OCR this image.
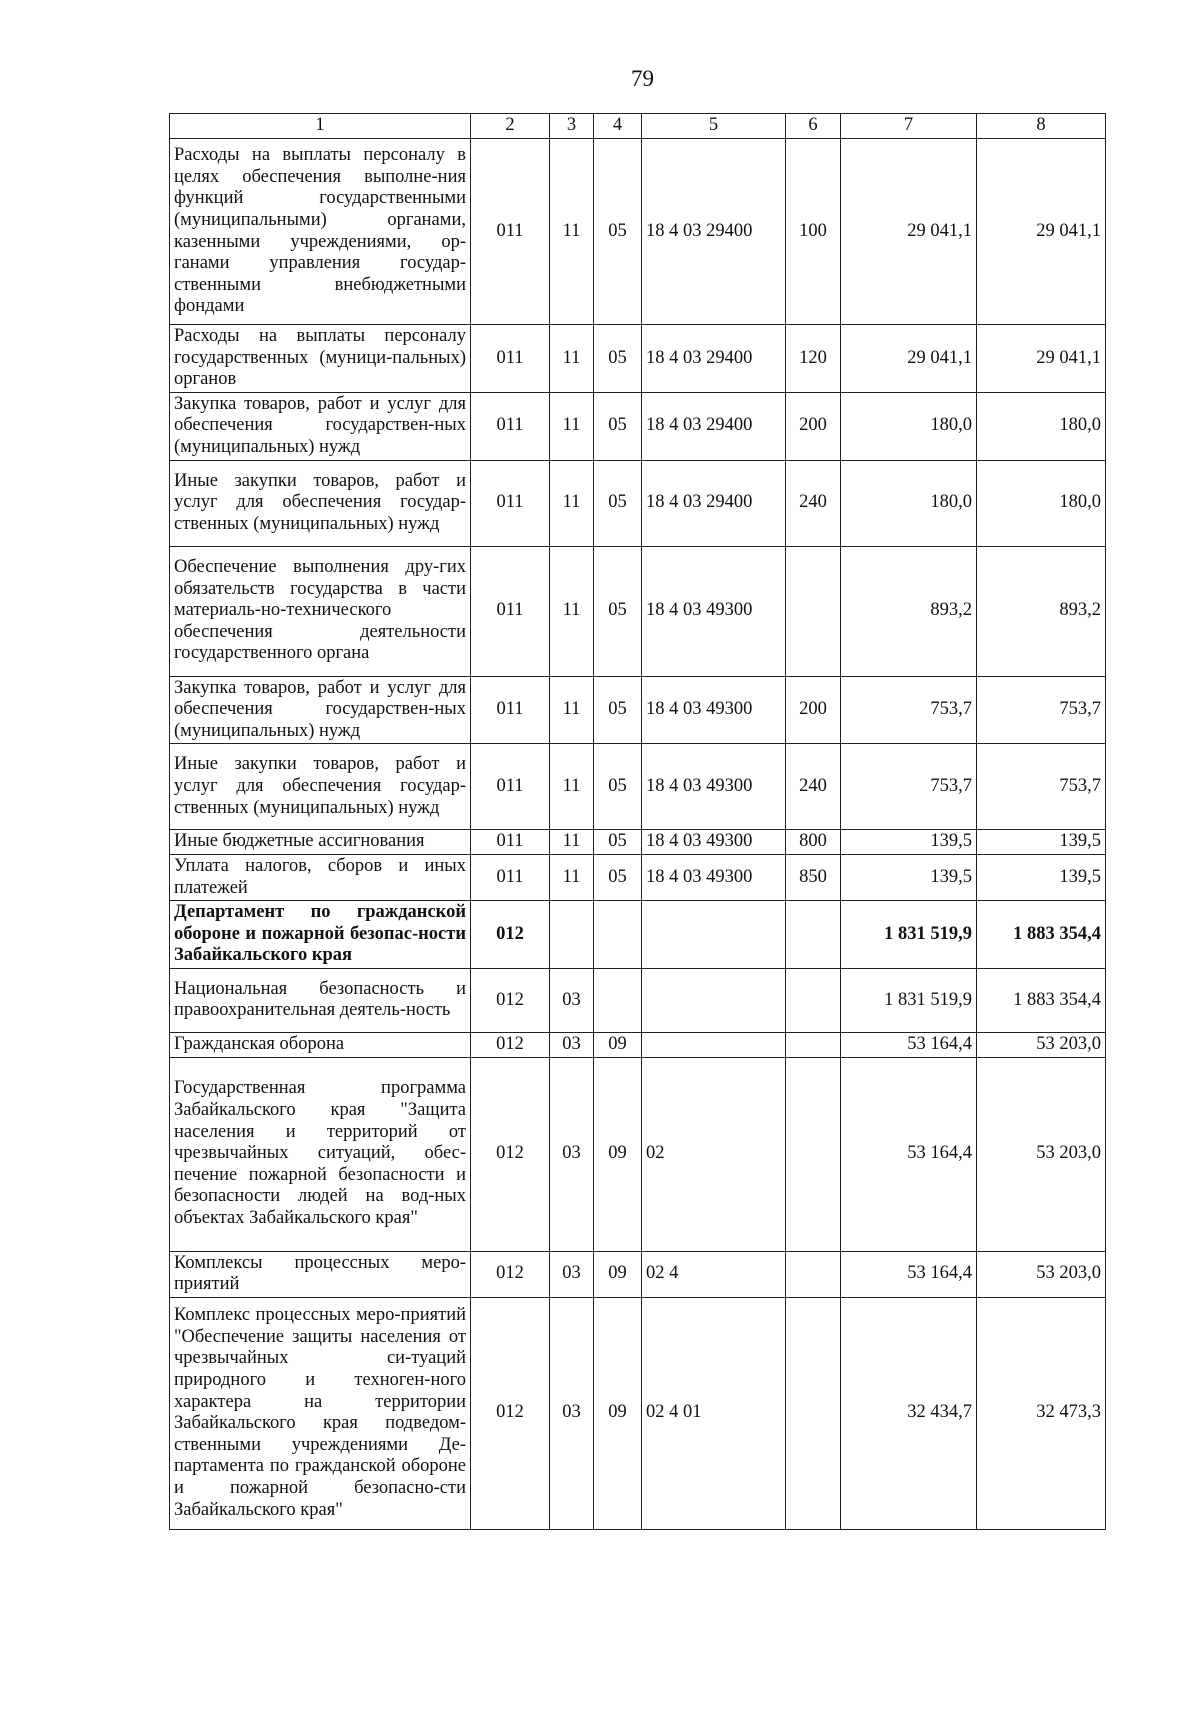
79
1	2	3	4	5	6	7	8
Расходы на выплаты персоналу в целях обеспечения выполне-ния функций государственными (муниципальными) органами, казенными учреждениями, ор-ганами управления государ-ственными внебюджетными фондами	011	11	05	18 4 03 29400	100	29 041,1	29 041,1
Расходы на выплаты персоналу государственных (муници-пальных) органов	011	11	05	18 4 03 29400	120	29 041,1	29 041,1
Закупка товаров, работ и услуг для обеспечения государствен-ных (муниципальных) нужд	011	11	05	18 4 03 29400	200	180,0	180,0
Иные закупки товаров, работ и услуг для обеспечения государ-ственных (муниципальных) нужд	011	11	05	18 4 03 29400	240	180,0	180,0
Обеспечение выполнения дру-гих обязательств государства в части материаль-но-технического обеспечения деятельности государственного органа	011	11	05	18 4 03 49300		893,2	893,2
Закупка товаров, работ и услуг для обеспечения государствен-ных (муниципальных) нужд	011	11	05	18 4 03 49300	200	753,7	753,7
Иные закупки товаров, работ и услуг для обеспечения государ-ственных (муниципальных) нужд	011	11	05	18 4 03 49300	240	753,7	753,7
Иные бюджетные ассигнования	011	11	05	18 4 03 49300	800	139,5	139,5
Уплата налогов, сборов и иных платежей	011	11	05	18 4 03 49300	850	139,5	139,5
Департамент по гражданской обороне и пожарной безопас-ности Забайкальского края	012					1 831 519,9	1 883 354,4
Национальная безопасность и правоохранительная деятель-ность	012	03				1 831 519,9	1 883 354,4
Гражданская оборона	012	03	09			53 164,4	53 203,0
Государственная программа Забайкальского края "Защита населения и территорий от чрезвычайных ситуаций, обес-печение пожарной безопасности и безопасности людей на вод-ных объектах Забайкальского края"	012	03	09	02		53 164,4	53 203,0
Комплексы процессных меро-приятий	012	03	09	02 4		53 164,4	53 203,0
Комплекс процессных меро-приятий "Обеспечение защиты населения от чрезвычайных си-туаций природного и техноген-ного характера на территории Забайкальского края подведом-ственными учреждениями Де-партамента по гражданской обороне и пожарной безопасно-сти Забайкальского края"	012	03	09	02 4 01		32 434,7	32 473,3
